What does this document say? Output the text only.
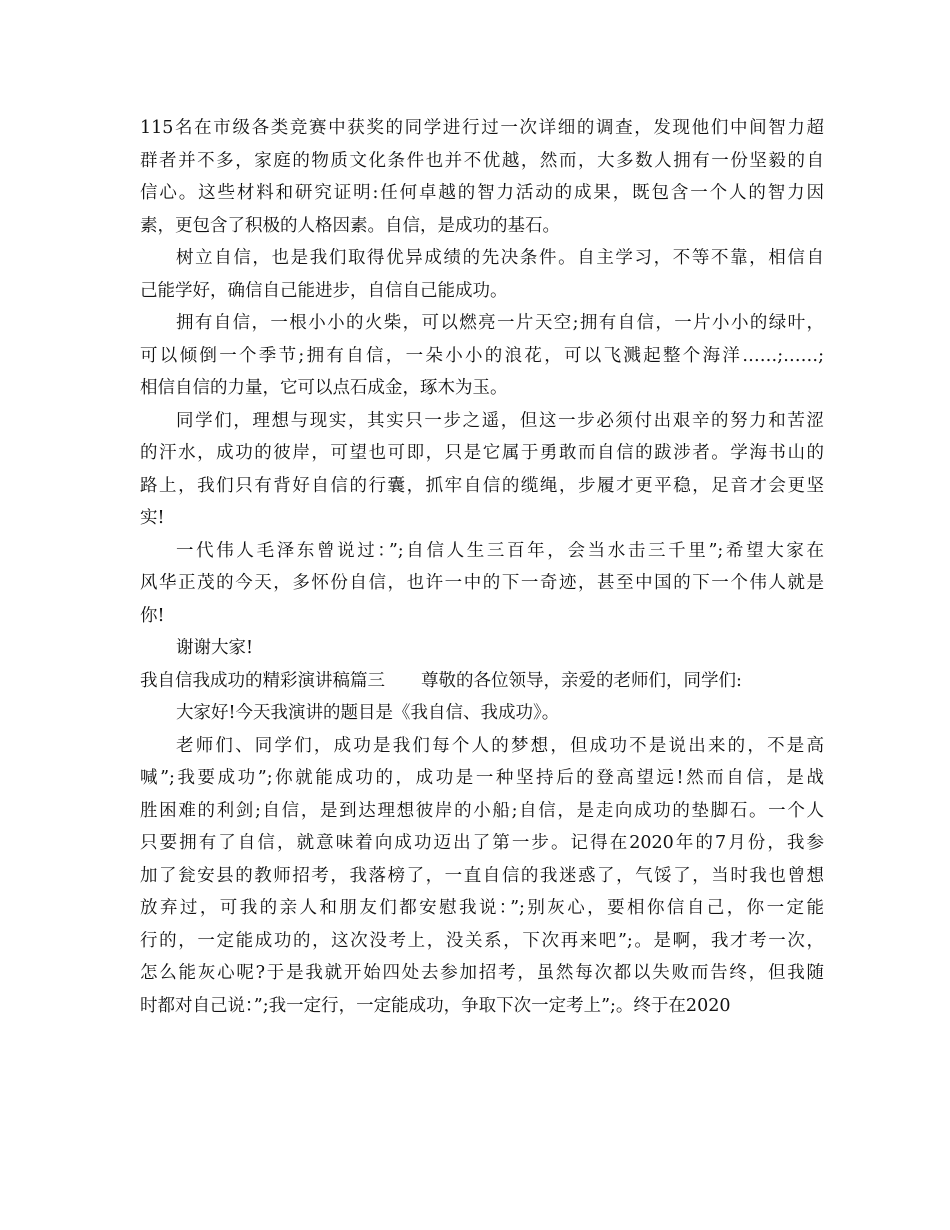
115名在市级各类竞赛中获奖的同学进行过一次详细的调查，发现他们中间智力超
群者并不多，家庭的物质文化条件也并不优越，然而，大多数人拥有一份坚毅的自
信心。这些材料和研究证明:任何卓越的智力活动的成果，既包含一个人的智力因
素，更包含了积极的人格因素。自信，是成功的基石。
树立自信，也是我们取得优异成绩的先决条件。自主学习，不等不靠，相信自
己能学好，确信自己能进步，自信自己能成功。
拥有自信，一根小小的火柴，可以燃亮一片天空;拥有自信，一片小小的绿叶，
可以倾倒一个季节;拥有自信，一朵小小的浪花，可以飞溅起整个海洋……;……;
相信自信的力量，它可以点石成金，琢木为玉。
同学们，理想与现实，其实只一步之遥，但这一步必须付出艰辛的努力和苦涩
的汗水，成功的彼岸，可望也可即，只是它属于勇敢而自信的跋涉者。学海书山的
路上，我们只有背好自信的行囊，抓牢自信的缆绳，步履才更平稳，足音才会更坚
实!
一代伟人毛泽东曾说过：”;自信人生三百年，会当水击三千里”;希望大家在
风华正茂的今天，多怀份自信，也许一中的下一奇迹，甚至中国的下一个伟人就是
你!
谢谢大家!
我自信我成功的精彩演讲稿篇三 尊敬的各位领导，亲爱的老师们，同学们:
大家好!今天我演讲的题目是《我自信、我成功》。
老师们、同学们，成功是我们每个人的梦想，但成功不是说出来的，不是高
喊”;我要成功”;你就能成功的，成功是一种坚持后的登高望远!然而自信，是战
胜困难的利剑;自信，是到达理想彼岸的小船;自信，是走向成功的垫脚石。一个人
只要拥有了自信，就意味着向成功迈出了第一步。记得在2020年的7月份，我参
加了瓮安县的教师招考，我落榜了，一直自信的我迷惑了，气馁了，当时我也曾想
放弃过，可我的亲人和朋友们都安慰我说：”;别灰心，要相你信自己，你一定能
行的，一定能成功的，这次没考上，没关系，下次再来吧”;。是啊，我才考一次，
怎么能灰心呢?于是我就开始四处去参加招考，虽然每次都以失败而告终，但我随
时都对自己说：”;我一定行，一定能成功，争取下次一定考上”;。终于在2020
